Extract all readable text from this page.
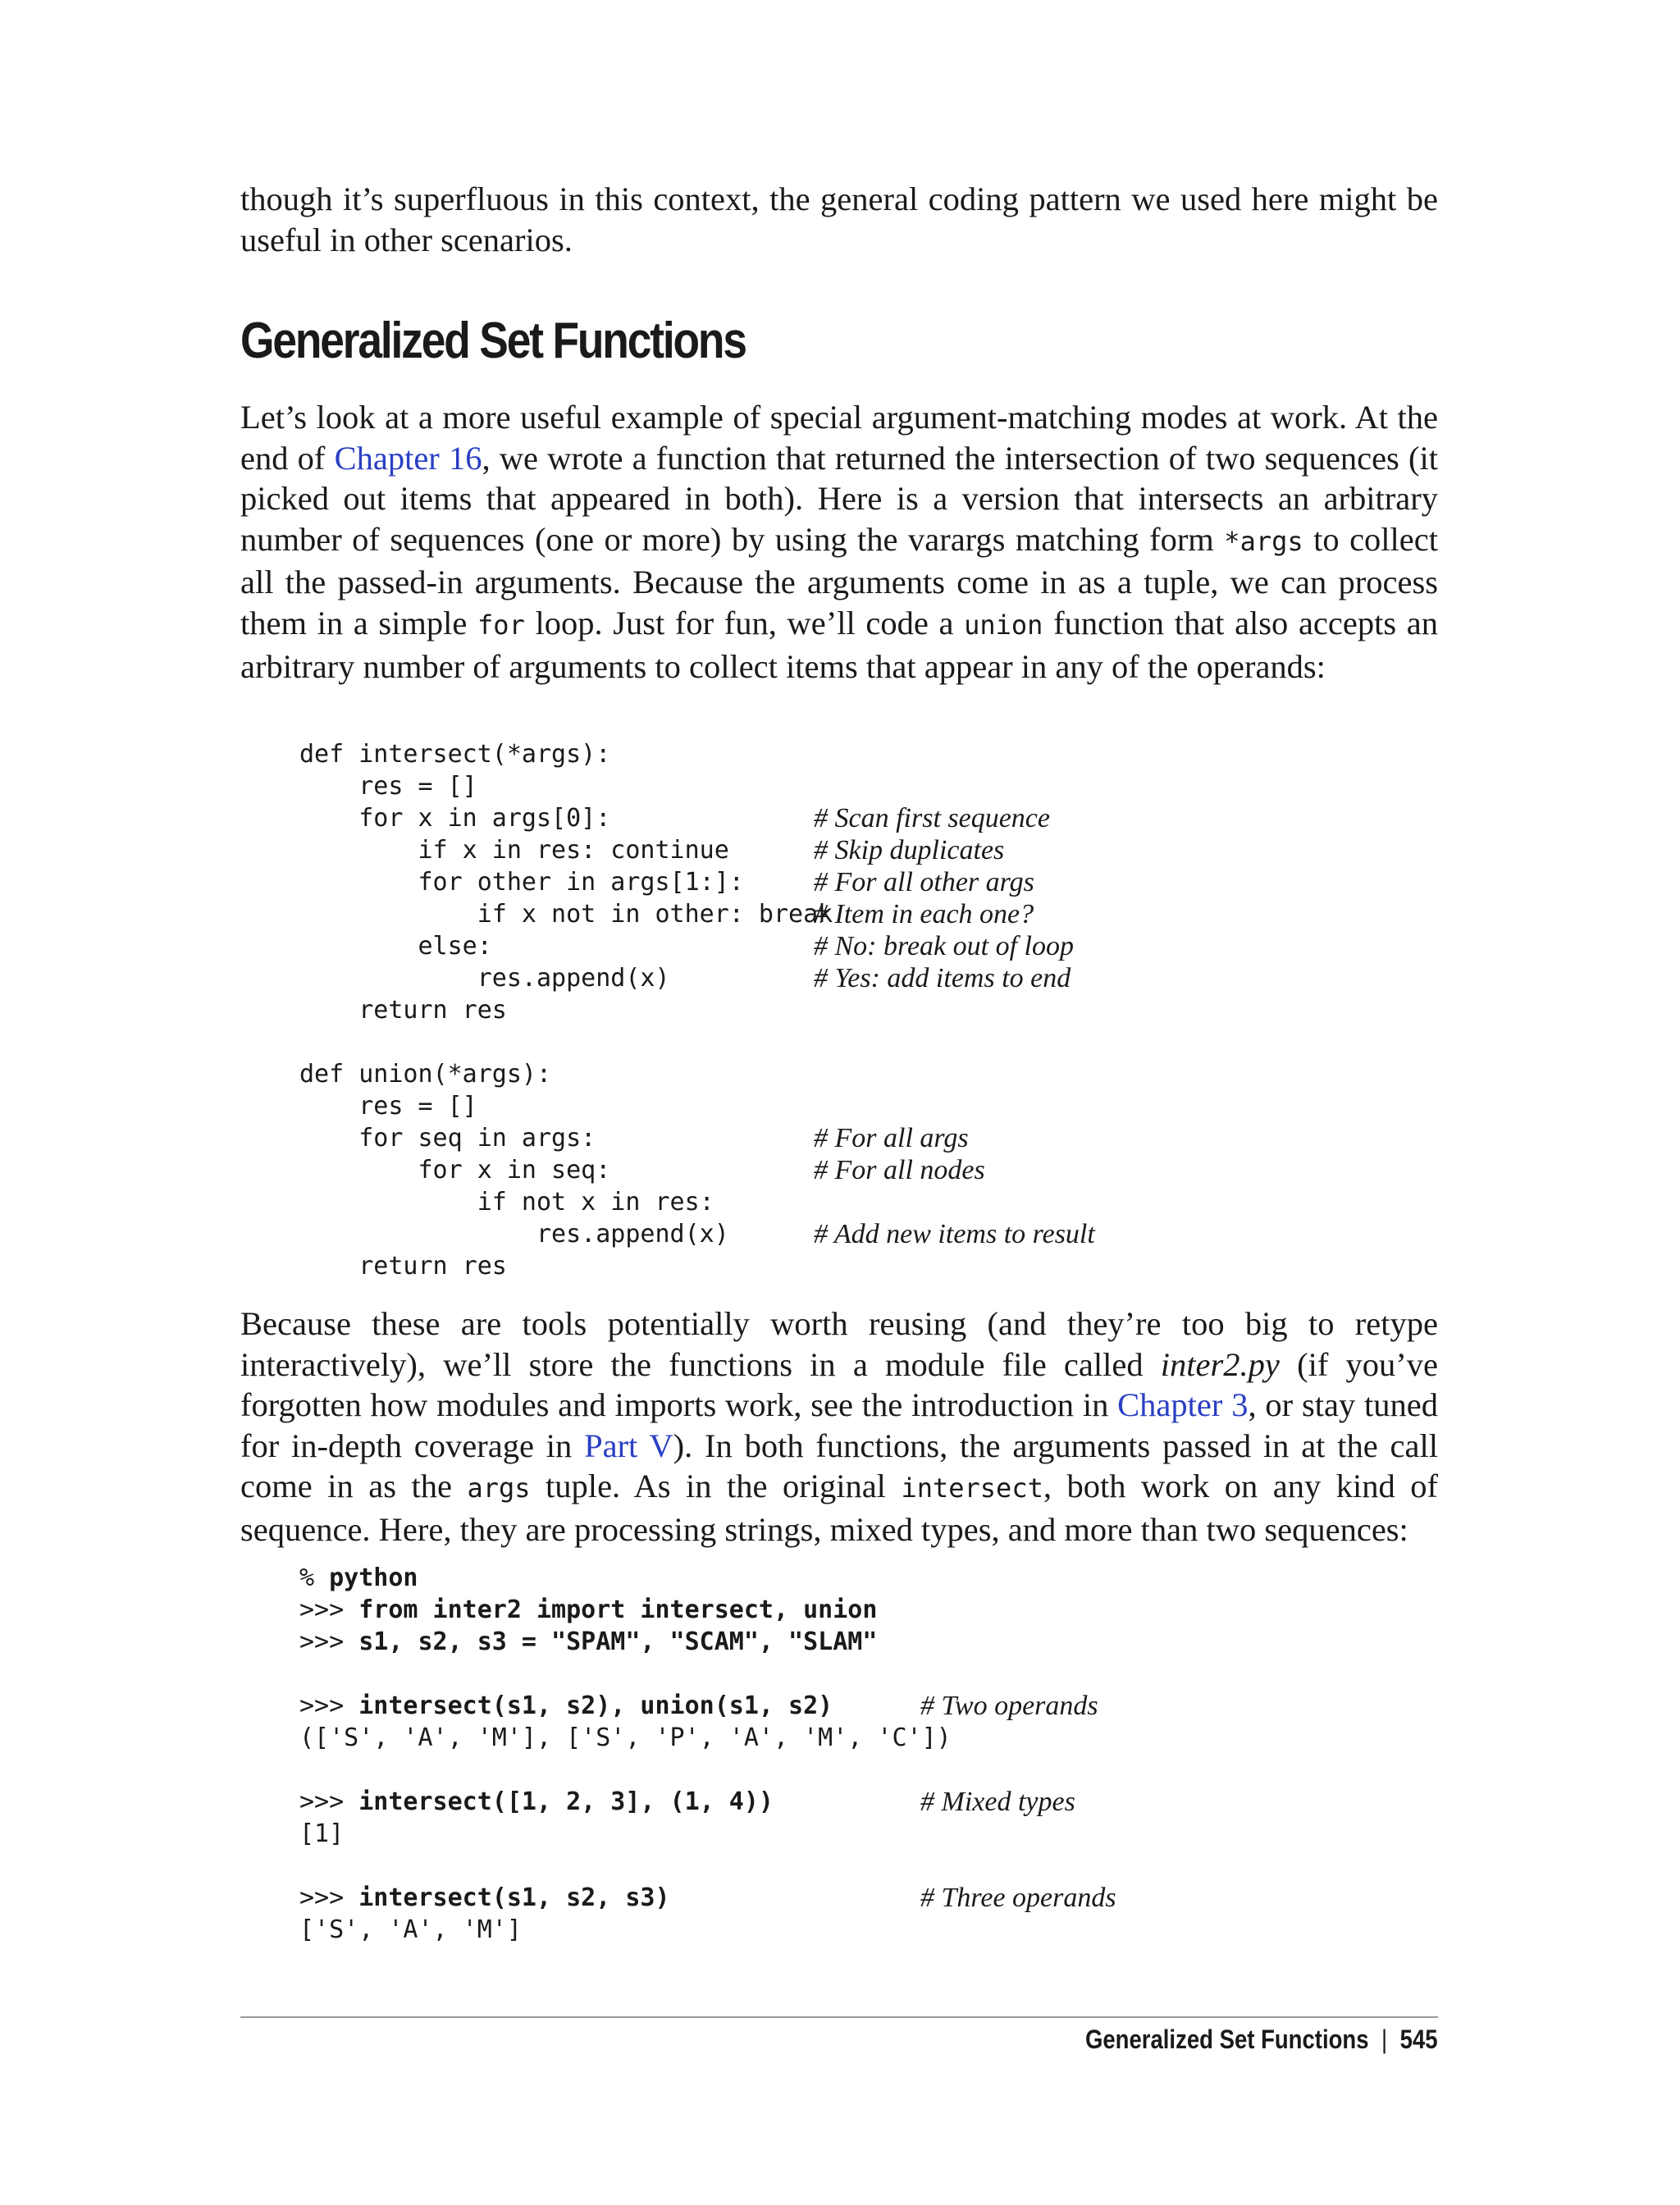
though it’s superfluous in this context, the general coding pattern we used here might be useful in other scenarios.

Generalized Set Functions

Let’s look at a more useful example of special argument-matching modes at work. At the end of Chapter 16, we wrote a function that returned the intersection of two sequences (it picked out items that appeared in both). Here is a version that intersects an arbitrary number of sequences (one or more) by using the varargs matching form *args to collect all the passed-in arguments. Because the arguments come in as a tuple, we can process them in a simple for loop. Just for fun, we’ll code a union function that also accepts an arbitrary number of arguments to collect items that appear in any of the operands:

def intersect(*args):
res = []
for x in args[0]:	# Scan first sequence
if x in res: continue	# Skip duplicates
for other in args[1:]:	# For all other args
if x not in other: break
# Item in each one?
else:	# No: break out of loop
res.append(x)	# Yes: add items to end
return res
def union(*args):
res = []
for seq in args:	# For all args
for x in seq:	# For all nodes
if not x in res:
res.append(x)	# Add new items to result
return res

Because these are tools potentially worth reusing (and they’re too big to retype interactively), we’ll store the functions in a module file called inter2.py (if you’ve forgotten how modules and imports work, see the introduction in Chapter 3, or stay tuned for in-depth coverage in Part V). In both functions, the arguments passed in at the call come in as the args tuple. As in the original intersect, both work on any kind of sequence. Here, they are processing strings, mixed types, and more than two sequences:

% python
>>> from inter2 import intersect, union
>>> s1, s2, s3 = "SPAM", "SCAM", "SLAM"
>>> intersect(s1, s2), union(s1, s2)	# Two operands
(['S', 'A', 'M'], ['S', 'P', 'A', 'M', 'C'])
>>> intersect([1, 2, 3], (1, 4))	# Mixed types
[1]
>>> intersect(s1, s2, s3)	# Three operands
['S', 'A', 'M']
Generalized Set Functions | 545
